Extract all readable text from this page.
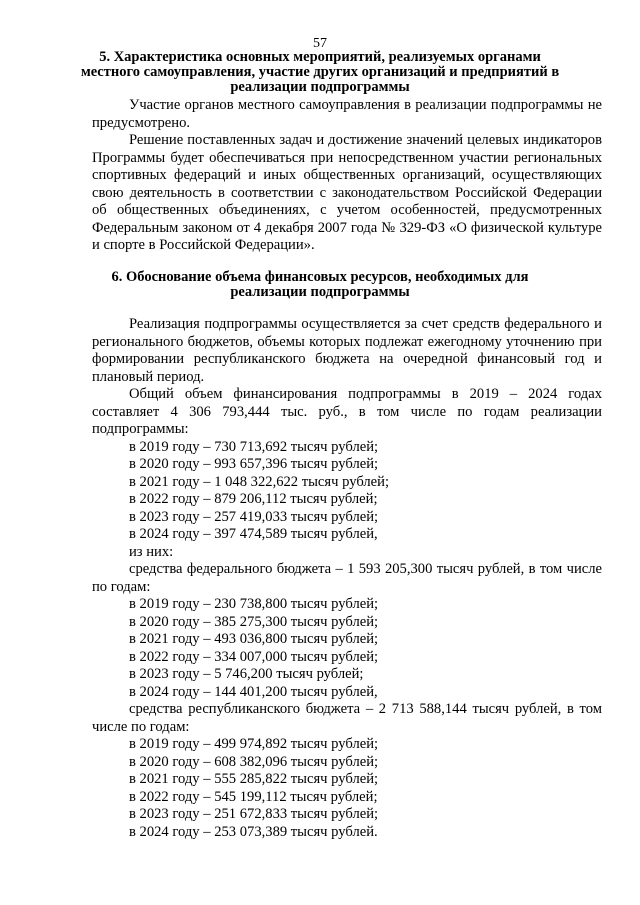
57
5. Характеристика основных мероприятий, реализуемых органами местного самоуправления, участие других организаций и предприятий в реализации подпрограммы

Участие органов местного самоуправления в реализации подпрограммы не предусмотрено.

Решение поставленных задач и достижение значений целевых индикаторов Программы будет обеспечиваться при непосредственном участии региональных спортивных федераций и иных общественных организаций, осуществляющих свою деятельность в соответствии с законодательством Российской Федерации об общественных объединениях, с учетом особенностей, предусмотренных Федеральным законом от 4 декабря 2007 года № 329-ФЗ «О физической культуре и спорте в Российской Федерации».

6. Обоснование объема финансовых ресурсов, необходимых для реализации подпрограммы

Реализация подпрограммы осуществляется за счет средств федерального и регионального бюджетов, объемы которых подлежат ежегодному уточнению при формировании республиканского бюджета на очередной финансовый год и плановый период.

Общий объем финансирования подпрограммы в 2019 – 2024 годах составляет 4 306 793,444 тыс. руб., в том числе по годам реализации подпрограммы:

в 2019 году – 730 713,692 тысяч рублей;

в 2020 году – 993 657,396 тысяч рублей;

в 2021 году – 1 048 322,622 тысяч рублей;

в 2022 году – 879 206,112 тысяч рублей;

в 2023 году – 257 419,033 тысяч рублей;

в 2024 году – 397 474,589 тысяч рублей,

из них:

средства федерального бюджета – 1 593 205,300 тысяч рублей, в том числе по годам:

в 2019 году – 230 738,800 тысяч рублей;

в 2020 году – 385 275,300 тысяч рублей;

в 2021 году – 493 036,800 тысяч рублей;

в 2022 году – 334 007,000 тысяч рублей;

в 2023 году – 5 746,200 тысяч рублей;

в 2024 году – 144 401,200 тысяч рублей,

средства республиканского бюджета – 2 713 588,144 тысяч рублей, в том числе по годам:

в 2019 году – 499 974,892 тысяч рублей;

в 2020 году – 608 382,096 тысяч рублей;

в 2021 году – 555 285,822 тысяч рублей;

в 2022 году – 545 199,112 тысяч рублей;

в 2023 году – 251 672,833 тысяч рублей;

в 2024 году – 253 073,389 тысяч рублей.
